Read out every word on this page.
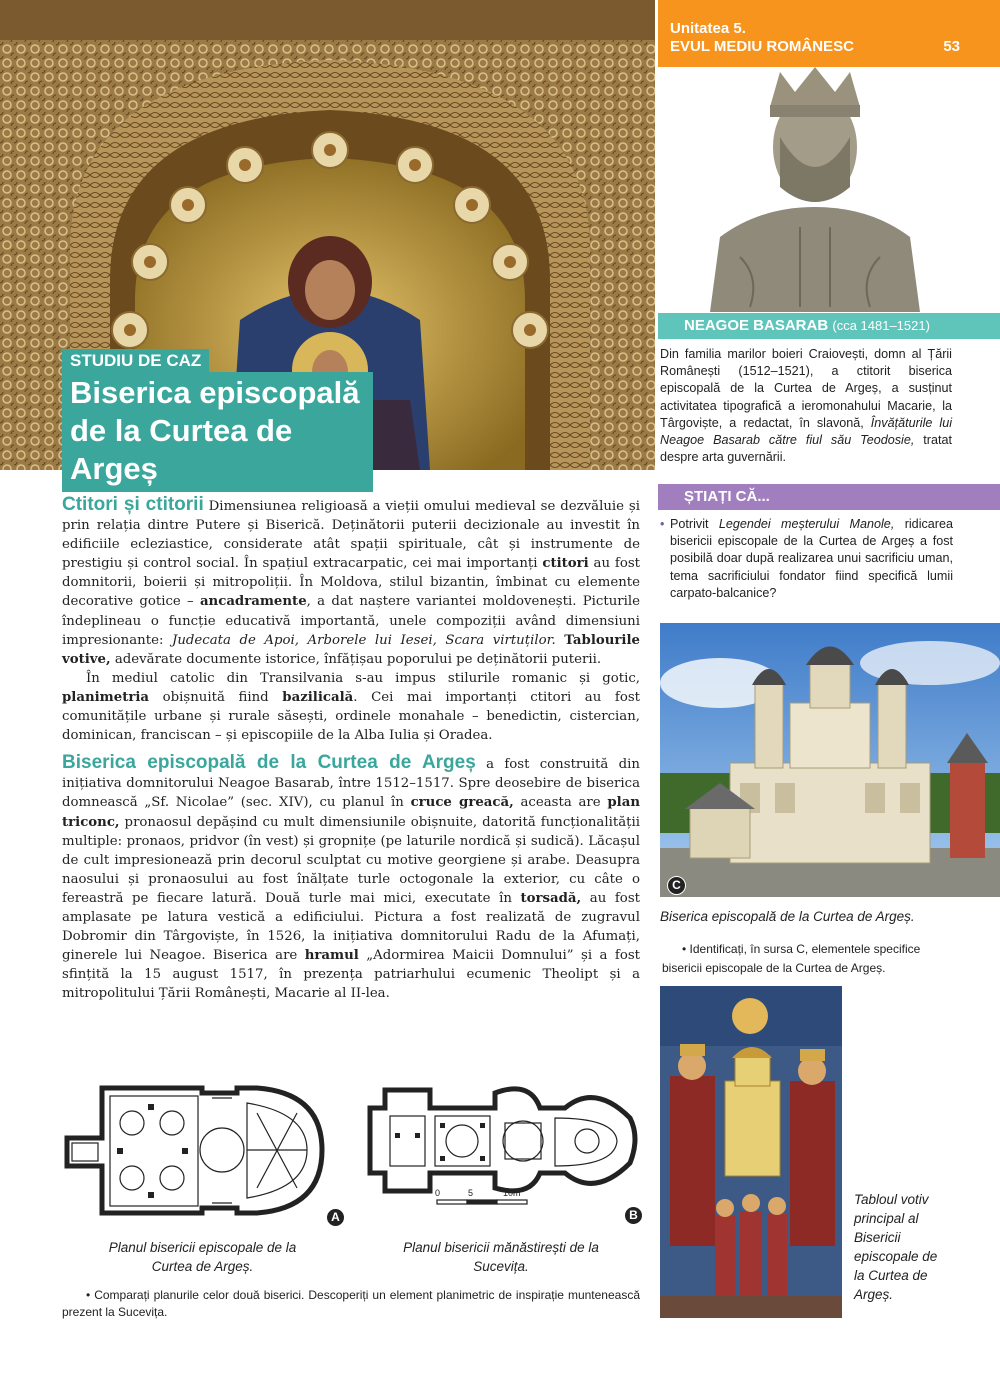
STUDIU DE CAZ
Biserica episcopală de la Curtea de Argeș
Unitatea 5.
EVUL MEDIU ROMÂNESC	53
NEAGOE BASARAB (cca 1481–1521)
Din familia marilor boieri Craiovești, domn al Țării Românești (1512–1521), a ctitorit biserica episcopală de la Curtea de Argeș, a susținut activitatea tipografică a ieromonahului Macarie, la Târgoviște, a redactat, în slavonă, Învățăturile lui Neagoe Basarab către fiul său Teodosie, tratat despre arta guvernării.
ȘTIAȚI CĂ...
• Potrivit Legendei meșterului Manole, ridicarea bisericii episcopale de la Curtea de Argeș a fost posibilă doar după realizarea unui sacrificiu uman, tema sacrificiului fondator fiind specifică lumii carpato-balcanice?
C
Biserica episcopală de la Curtea de Argeș.
• Identificați, în sursa C, elementele specifice bisericii episcopale de la Curtea de Argeș.
Tabloul votiv principal al Bisericii episcopale de la Curtea de Argeș.

Ctitori și ctitorii Dimensiunea religioasă a vieții omului medieval se dezvăluie și prin relația dintre Putere și Biserică. Deținătorii puterii decizionale au investit în edificiile ecleziastice, considerate atât spații spirituale, cât și instrumente de prestigiu și control social. În spațiul extracarpatic, cei mai importanți ctitori au fost domnitorii, boierii și mitropoliții. În Moldova, stilul bizantin, îmbinat cu elemente decorative gotice – ancadramente, a dat naștere variantei moldovenești. Picturile îndeplineau o funcție educativă importantă, unele compoziții având dimensiuni impresionante: Judecata de Apoi, Arborele lui Iesei, Scara virtuților. Tablourile votive, adevărate documente istorice, înfățișau poporului pe deținătorii puterii.

În mediul catolic din Transilvania s-au impus stilurile romanic și gotic, planimetria obișnuită fiind bazilicală. Cei mai importanți ctitori au fost comunitățile urbane și rurale săsești, ordinele monahale – benedictin, cistercian, dominican, franciscan – și episcopiile de la Alba Iulia și Oradea.

Biserica episcopală de la Curtea de Argeș a fost construită din inițiativa domnitorului Neagoe Basarab, între 1512–1517. Spre deosebire de biserica domnească „Sf. Nicolae” (sec. XIV), cu planul în cruce greacă, aceasta are plan triconc, pronaosul depășind cu mult dimensiunile obișnuite, datorită funcționalității multiple: pronaos, pridvor (în vest) și gropnițe (pe laturile nordică și sudică). Lăcașul de cult impresionează prin decorul sculptat cu motive georgiene și arabe. Deasupra naosului și pronaosului au fost înălțate turle octogonale la exterior, cu câte o fereastră pe fiecare latură. Două turle mai mici, executate în torsadă, au fost amplasate pe latura vestică a edificiului. Pictura a fost realizată de zugravul Dobromir din Târgoviște, în 1526, la inițiativa domnitorului Radu de la Afumați, ginerele lui Neagoe. Biserica are hramul „Adormirea Maicii Domnului” și a fost sfințită la 15 august 1517, în prezența patriarhului ecumenic Theolipt și a mitropolitului Țării Românești, Macarie al II-lea.

A
0	5	10m
B
Planul bisericii episcopale de la Curtea de Argeș.
Planul bisericii mănăstirești de la Sucevița.
• Comparați planurile celor două biserici. Descoperiți un element planimetric de inspirație muntenească prezent la Sucevița.
